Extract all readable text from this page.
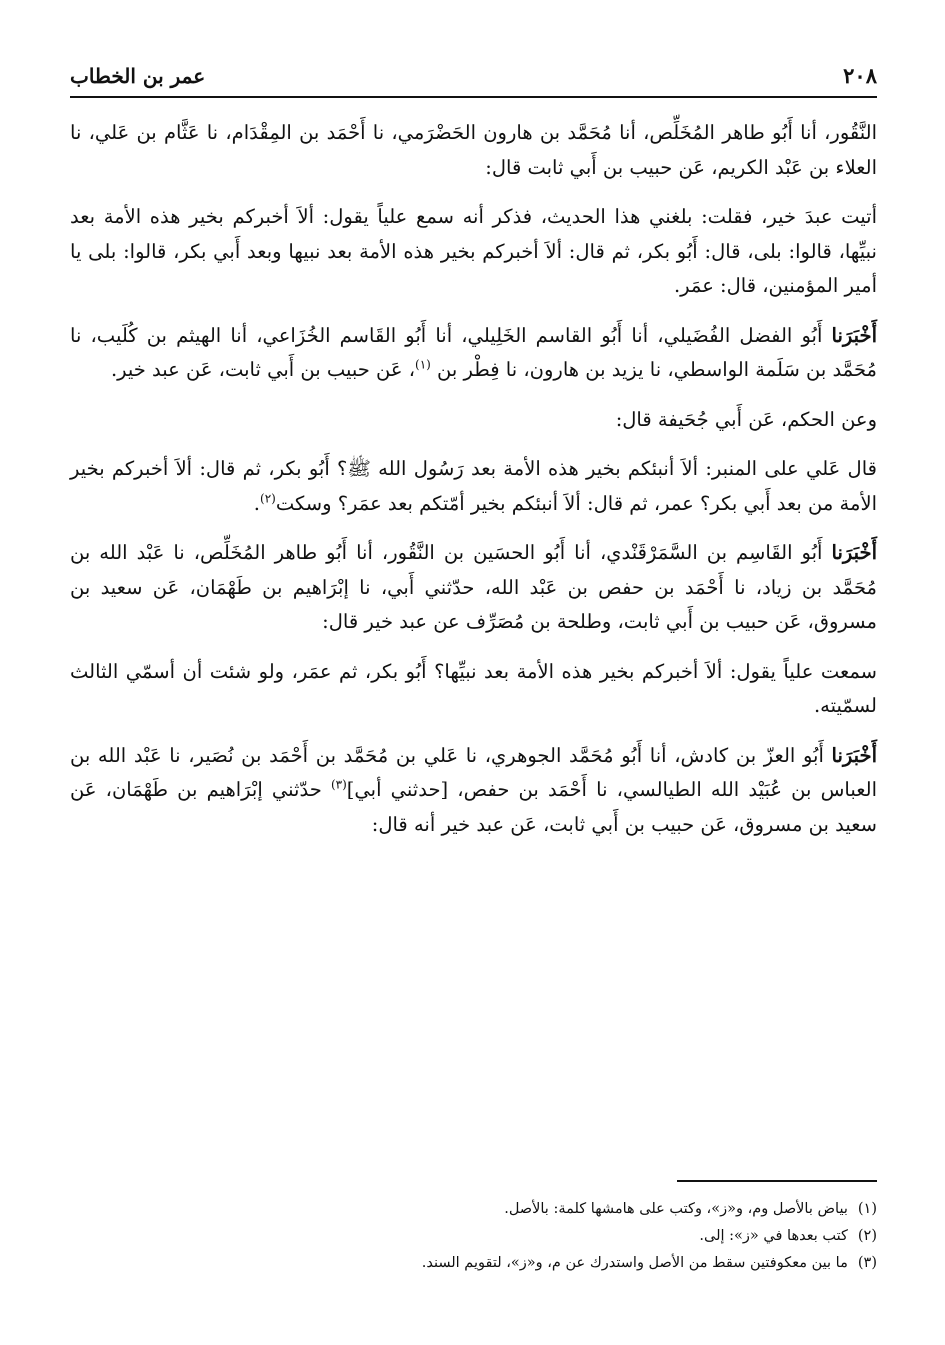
٢٠٨
عمر بن الخطاب

النَّقُور، أنا أَبُو طاهر المُخَلِّص، أنا مُحَمَّد بن هارون الحَضْرَمي، نا أَحْمَد بن المِقْدَام، نا عَثَّام بن عَلي، نا العلاء بن عَبْد الكريم، عَن حبيب بن أَبي ثابت قال:

أتيت عبدَ خير، فقلت: بلغني هذا الحديث، فذكر أنه سمع علياً يقول: ألاَ أخبركم بخير هذه الأمة بعد نبيِّها، قالوا: بلى، قال: أَبُو بكر، ثم قال: ألاَ أخبركم بخير هذه الأمة بعد نبيها وبعد أَبي بكر، قالوا: بلى يا أمير المؤمنين، قال: عمَر.

أَخْبَرَنا أَبُو الفضل الفُضَيلي، أنا أَبُو القاسم الخَلِيلي، أنا أَبُو القَاسم الخُزَاعي، أنا الهيثم بن كُلَيب، نا مُحَمَّد بن سَلَمة الواسطي، نا يزيد بن هارون، نا فِطْر بن $^{(١)}$، عَن حبيب بن أَبي ثابت، عَن عبد خير.

وعن الحكم، عَن أَبي جُحَيفة قال:

قال عَلي على المنبر: ألاَ أنبئكم بخير هذه الأمة بعد رَسُول الله ﷺ؟ أَبُو بكر، ثم قال: ألاَ أخبركم بخير الأمة من بعد أَبي بكر؟ عمر، ثم قال: ألاَ أنبئكم بخير أمّتكم بعد عمَر؟ وسكت$^{(٢)}$.

أَخْبَرَنا أَبُو القَاسِم بن السَّمَرْقَنْدي، أنا أَبُو الحسَين بن النَّقُور، أنا أَبُو طاهر المُخَلِّص، نا عَبْد الله بن مُحَمَّد بن زياد، نا أَحْمَد بن حفص بن عَبْد الله، حدّثني أَبي، نا إبْرَاهيم بن طَهْمَان، عَن سعيد بن مسروق، عَن حبيب بن أَبي ثابت، وطلحة بن مُصَرِّف عن عبد خير قال:

سمعت علياً يقول: ألاَ أخبركم بخير هذه الأمة بعد نبيِّها؟ أَبُو بكر، ثم عمَر، ولو شئت أن أسمّي الثالث لسمّيته.

أَخْبَرَنا أَبُو العزّ بن كادش، أنا أَبُو مُحَمَّد الجوهري، نا عَلي بن مُحَمَّد بن أَحْمَد بن نُصَير، نا عَبْد الله بن العباس بن عُبَيْد الله الطيالسي، نا أَحْمَد بن حفص، [حدثني أبي]$^{(٣)}$ حدّثني إبْرَاهيم بن طَهْمَان، عَن سعيد بن مسروق، عَن حبيب بن أَبي ثابت، عَن عبد خير أنه قال:

(١)
بياض بالأصل وم، و«ز»، وكتب على هامشها كلمة: بالأصل.
(٢)
كتب بعدها في «ز»: إلى.
(٣)
ما بين معكوفتين سقط من الأصل واستدرك عن م، و«ز»، لتقويم السند.
